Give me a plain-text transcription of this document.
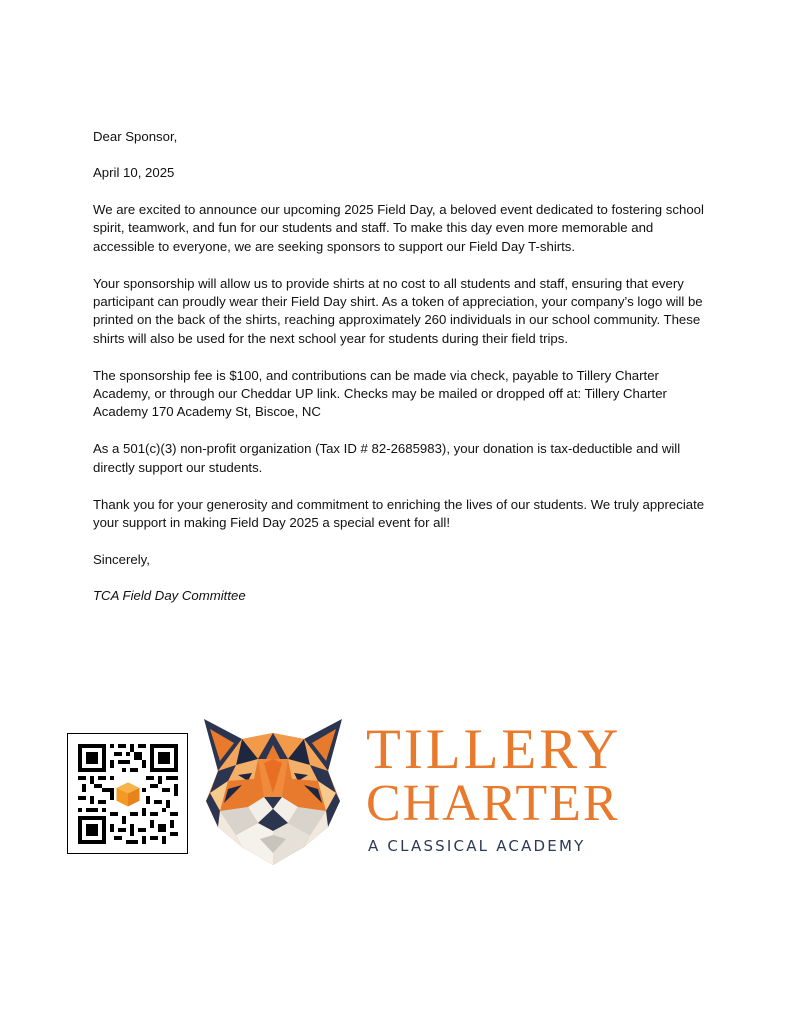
Dear Sponsor,

April 10, 2025

We are excited to announce our upcoming 2025 Field Day, a beloved event dedicated to fostering school spirit, teamwork, and fun for our students and staff. To make this day even more memorable and accessible to everyone, we are seeking sponsors to support our Field Day T-shirts.

Your sponsorship will allow us to provide shirts at no cost to all students and staff, ensuring that every participant can proudly wear their Field Day shirt. As a token of appreciation, your company’s logo will be printed on the back of the shirts, reaching approximately 260 individuals in our school community. These shirts will also be used for the next school year for students during their field trips.

The sponsorship fee is $100, and contributions can be made via check, payable to Tillery Charter Academy, or through our Cheddar UP link. Checks may be mailed or dropped off at: Tillery Charter Academy 170 Academy St, Biscoe, NC

As a 501(c)(3) non-profit organization (Tax ID # 82-2685983), your donation is tax-deductible and will directly support our students.

Thank you for your generosity and commitment to enriching the lives of our students. We truly appreciate your support in making Field Day 2025 a special event for all!

Sincerely,

TCA Field Day Committee

TILLERY
CHARTER
A CLASSICAL ACADEMY
